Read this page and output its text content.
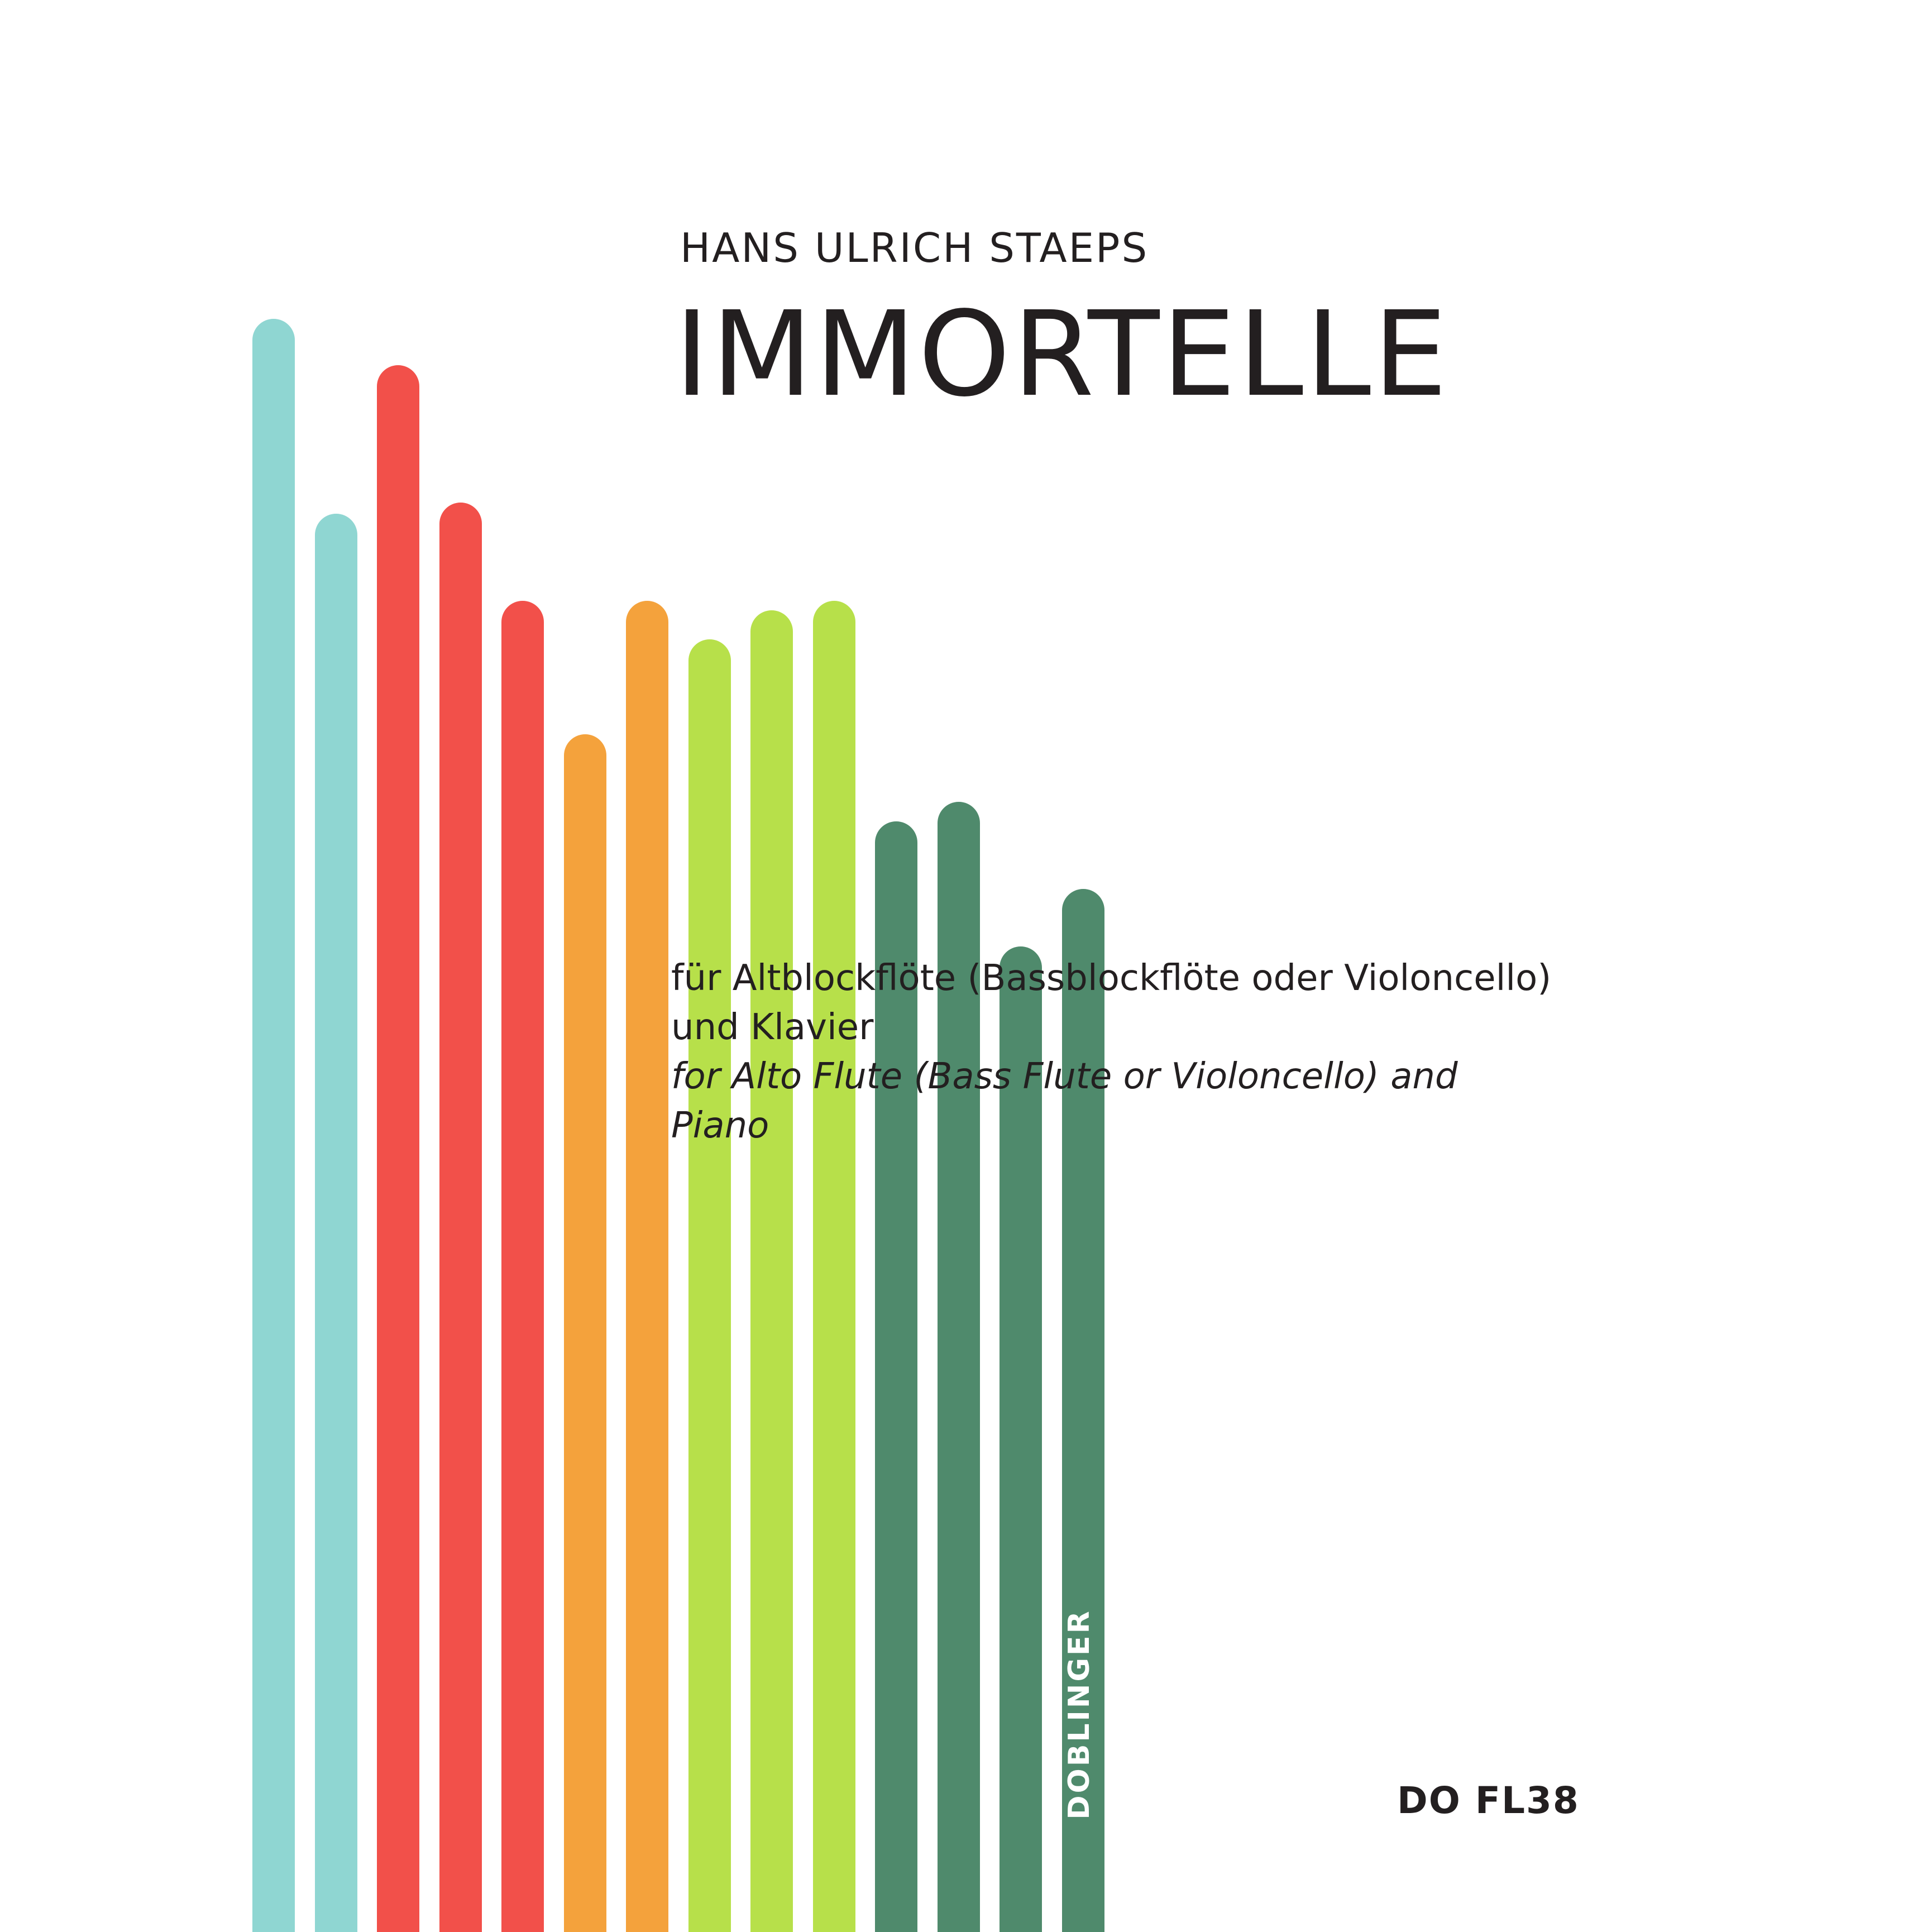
HANS ULRICH STAEPS
IMMORTELLE
für Altblockflöte (Bassblockflöte oder Violoncello)
und Klavier
for Alto Flute (Bass Flute or Violoncello) and
Piano
DOBLINGER	DO FL38
